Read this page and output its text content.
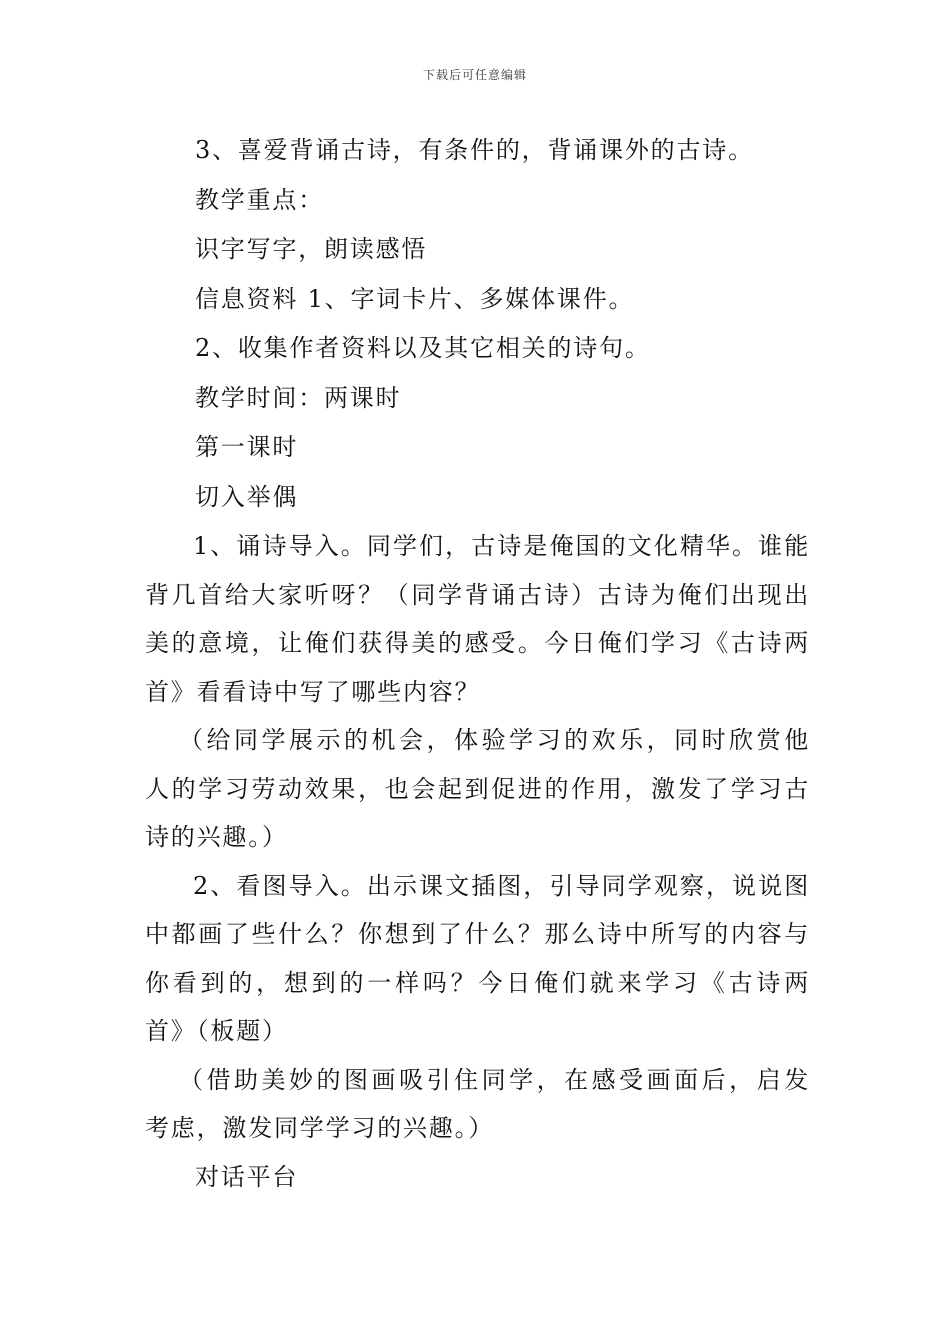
下载后可任意编辑
3、喜爱背诵古诗，有条件的，背诵课外的古诗。
教学重点：
识字写字，朗读感悟
信息资料 1、字词卡片、多媒体课件。
2、收集作者资料以及其它相关的诗句。
教学时间：两课时
第一课时
切入举偶
1、诵诗导入。同学们，古诗是俺国的文化精华。谁能
背几首给大家听呀？（同学背诵古诗）古诗为俺们出现出
美的意境，让俺们获得美的感受。今日俺们学习《古诗两
首》看看诗中写了哪些内容？
（给同学展示的机会，体验学习的欢乐，同时欣赏他
人的学习劳动效果，也会起到促进的作用，激发了学习古
诗的兴趣。）
2、看图导入。出示课文插图，引导同学观察，说说图
中都画了些什么？你想到了什么？那么诗中所写的内容与
你看到的，想到的一样吗？今日俺们就来学习《古诗两
首》（板题）
（借助美妙的图画吸引住同学，在感受画面后，启发
考虑，激发同学学习的兴趣。）
对话平台
